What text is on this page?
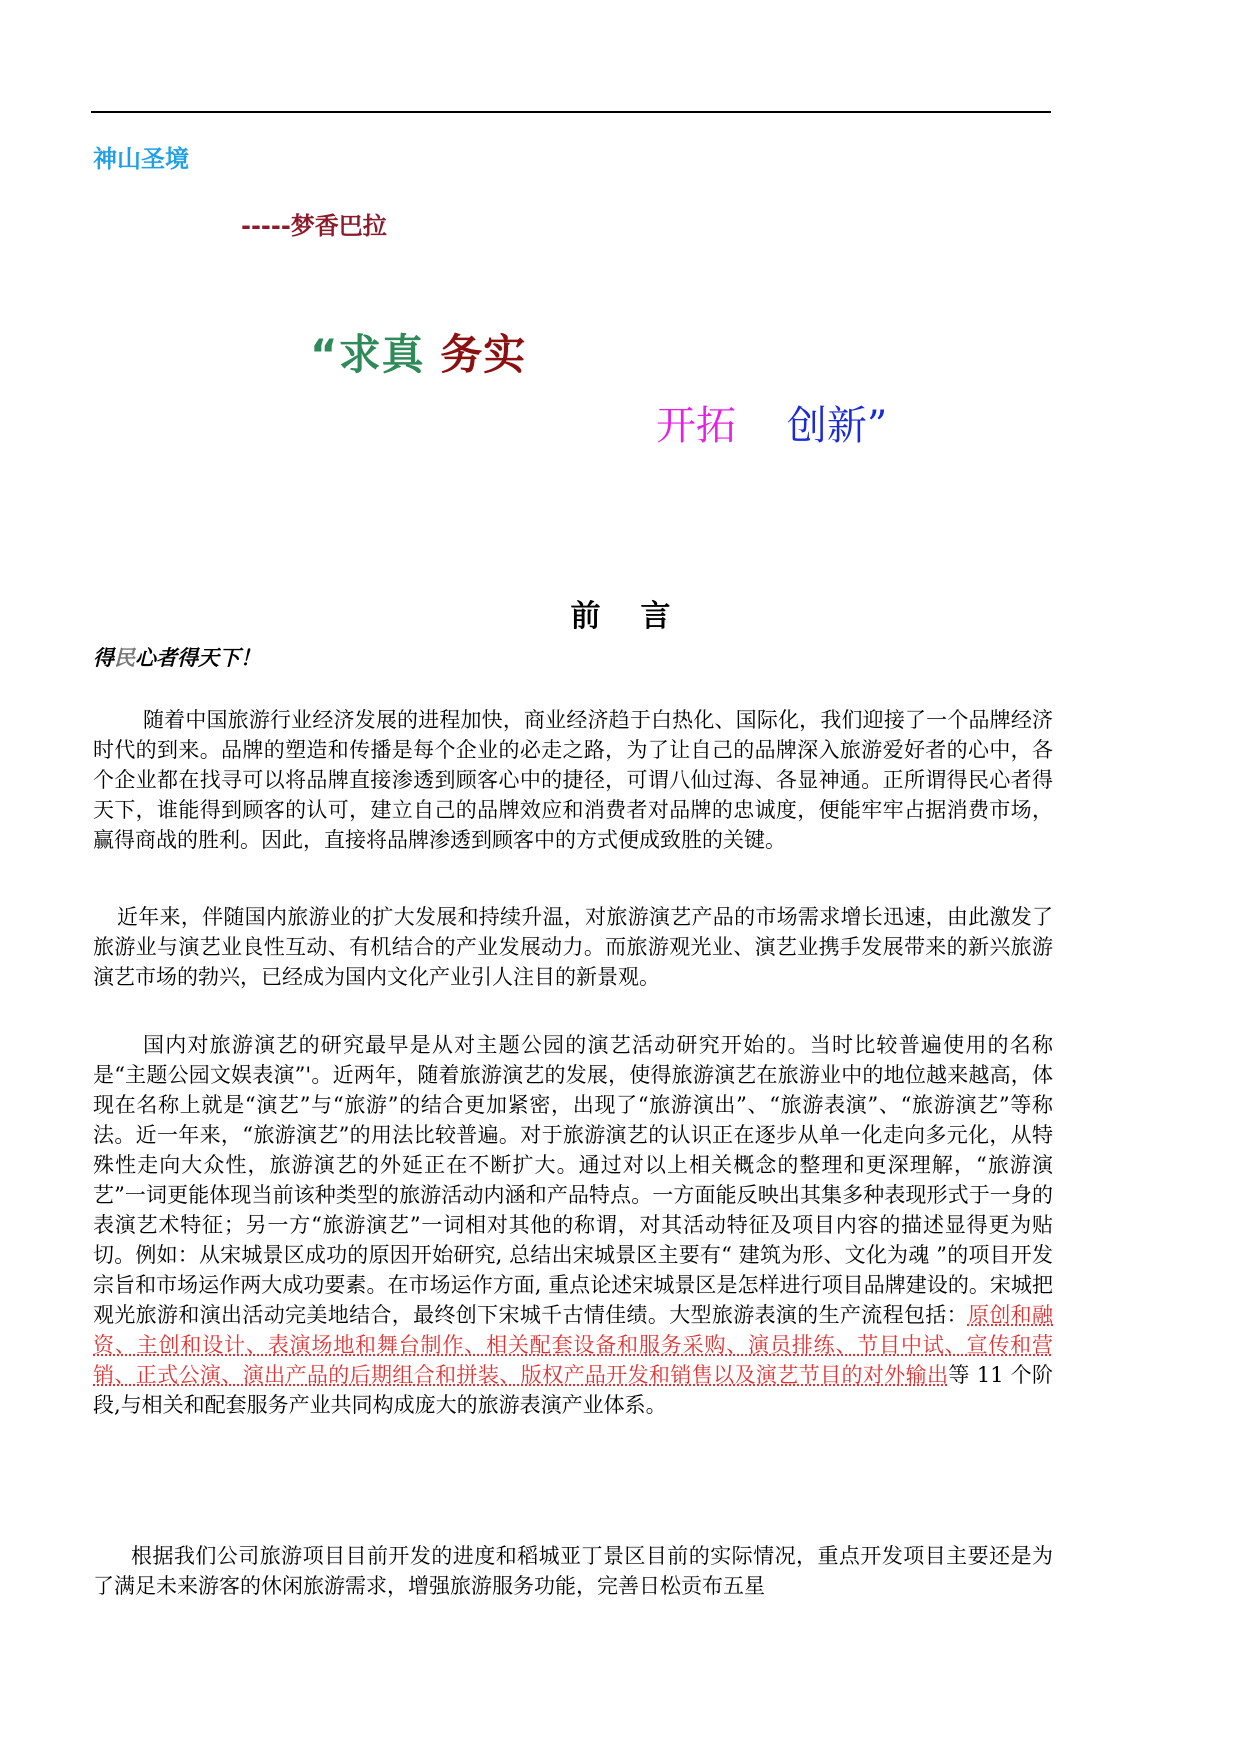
神山圣境
-----梦香巴拉
“求真 务实
开拓 创新”
前言
得民心者得天下！
随着中国旅游行业经济发展的进程加快，商业经济趋于白热化、国际化，我们迎接了一个品牌经济时代的到来。品牌的塑造和传播是每个企业的必走之路，为了让自己的品牌深入旅游爱好者的心中，各个企业都在找寻可以将品牌直接渗透到顾客心中的捷径，可谓八仙过海、各显神通。正所谓得民心者得天下，谁能得到顾客的认可，建立自己的品牌效应和消费者对品牌的忠诚度，便能牢牢占据消费市场，赢得商战的胜利。因此，直接将品牌渗透到顾客中的方式便成致胜的关键。
近年来，伴随国内旅游业的扩大发展和持续升温，对旅游演艺产品的市场需求增长迅速，由此激发了旅游业与演艺业良性互动、有机结合的产业发展动力。而旅游观光业、演艺业携手发展带来的新兴旅游演艺市场的勃兴，已经成为国内文化产业引人注目的新景观。
国内对旅游演艺的研究最早是从对主题公园的演艺活动研究开始的。当时比较普遍使用的名称是“主题公园文娱表演”'。近两年，随着旅游演艺的发展，使得旅游演艺在旅游业中的地位越来越高，体现在名称上就是“演艺”与“旅游”的结合更加紧密，出现了“旅游演出”、“旅游表演”、“旅游演艺”等称法。近一年来，“旅游演艺”的用法比较普遍。对于旅游演艺的认识正在逐步从单一化走向多元化，从特殊性走向大众性，旅游演艺的外延正在不断扩大。通过对以上相关概念的整理和更深理解，“旅游演艺”一词更能体现当前该种类型的旅游活动内涵和产品特点。一方面能反映出其集多种表现形式于一身的表演艺术特征；另一方“旅游演艺”一词相对其他的称谓，对其活动特征及项目内容的描述显得更为贴切。例如：从宋城景区成功的原因开始研究, 总结出宋城景区主要有“ 建筑为形、文化为魂 ”的项目开发宗旨和市场运作两大成功要素。在市场运作方面, 重点论述宋城景区是怎样进行项目品牌建设的。宋城把观光旅游和演出活动完美地结合，最终创下宋城千古情佳绩。大型旅游表演的生产流程包括：原创和融资、主创和设计、表演场地和舞台制作、相关配套设备和服务采购、演员排练、节目中试、宣传和营销、正式公演、演出产品的后期组合和拼装、版权产品开发和销售以及演艺节目的对外输出等 11 个阶段,与相关和配套服务产业共同构成庞大的旅游表演产业体系。
根据我们公司旅游项目目前开发的进度和稻城亚丁景区目前的实际情况，重点开发项目主要还是为了满足未来游客的休闲旅游需求，增强旅游服务功能，完善日松贡布五星
